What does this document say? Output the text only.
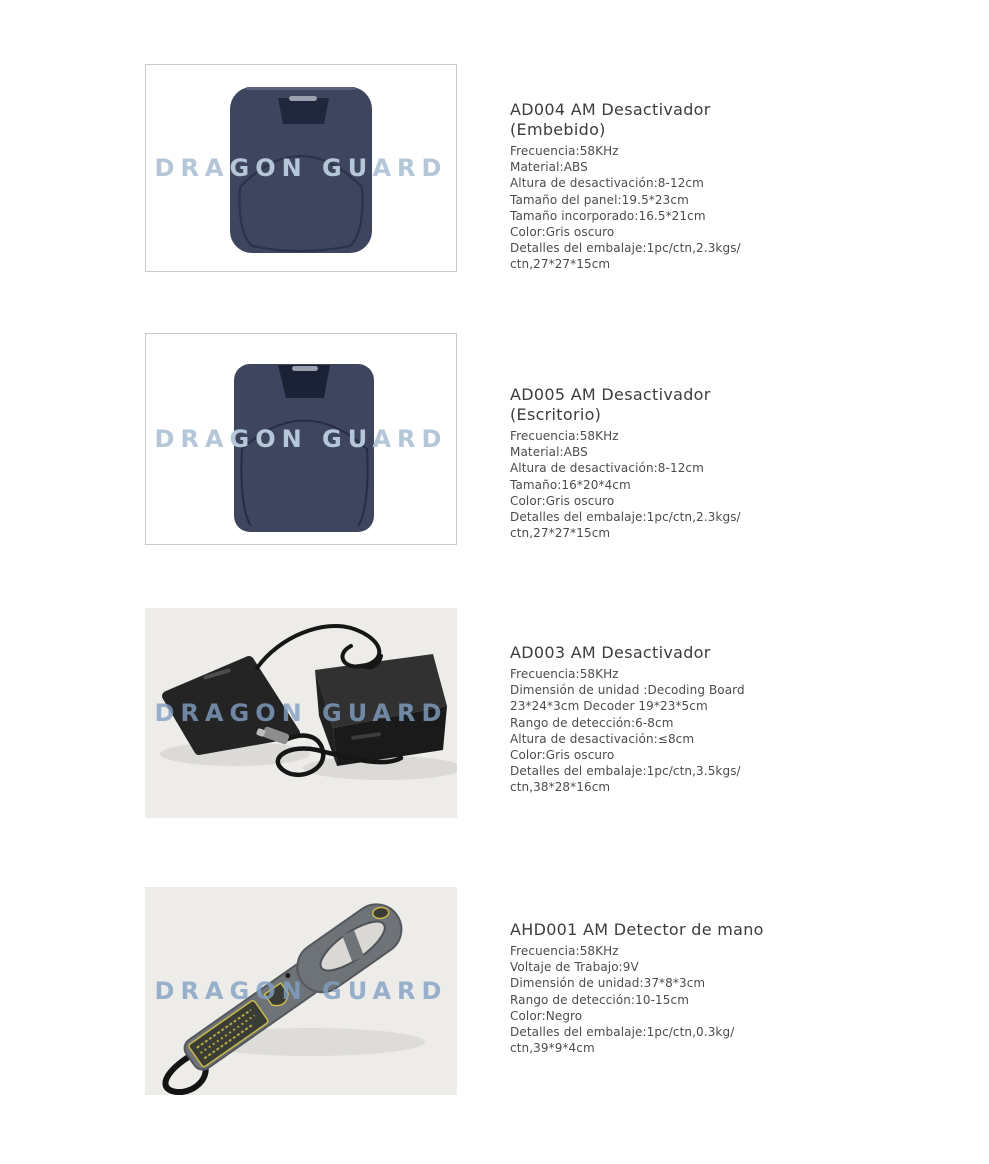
DRAGON GUARD
AD004 AM Desactivador
(Embebido)
Frecuencia:58KHz
Material:ABS
Altura de desactivación:8-12cm
Tamaño del panel:19.5*23cm
Tamaño incorporado:16.5*21cm
Color:Gris oscuro
Detalles del embalaje:1pc/ctn,2.3kgs/
ctn,27*27*15cm
DRAGON GUARD
AD005 AM Desactivador
(Escritorio)
Frecuencia:58KHz
Material:ABS
Altura de desactivación:8-12cm
Tamaño:16*20*4cm
Color:Gris oscuro
Detalles del embalaje:1pc/ctn,2.3kgs/
ctn,27*27*15cm
DRAGON GUARD
AD003 AM Desactivador
Frecuencia:58KHz
Dimensión de unidad :Decoding Board
23*24*3cm Decoder 19*23*5cm
Rango de detección:6-8cm
Altura de desactivación:≤8cm
Color:Gris oscuro
Detalles del embalaje:1pc/ctn,3.5kgs/
ctn,38*28*16cm
DRAGON GUARD
AHD001 AM Detector de mano
Frecuencia:58KHz
Voltaje de Trabajo:9V
Dimensión de unidad:37*8*3cm
Rango de detección:10-15cm
Color:Negro
Detalles del embalaje:1pc/ctn,0.3kg/
ctn,39*9*4cm
